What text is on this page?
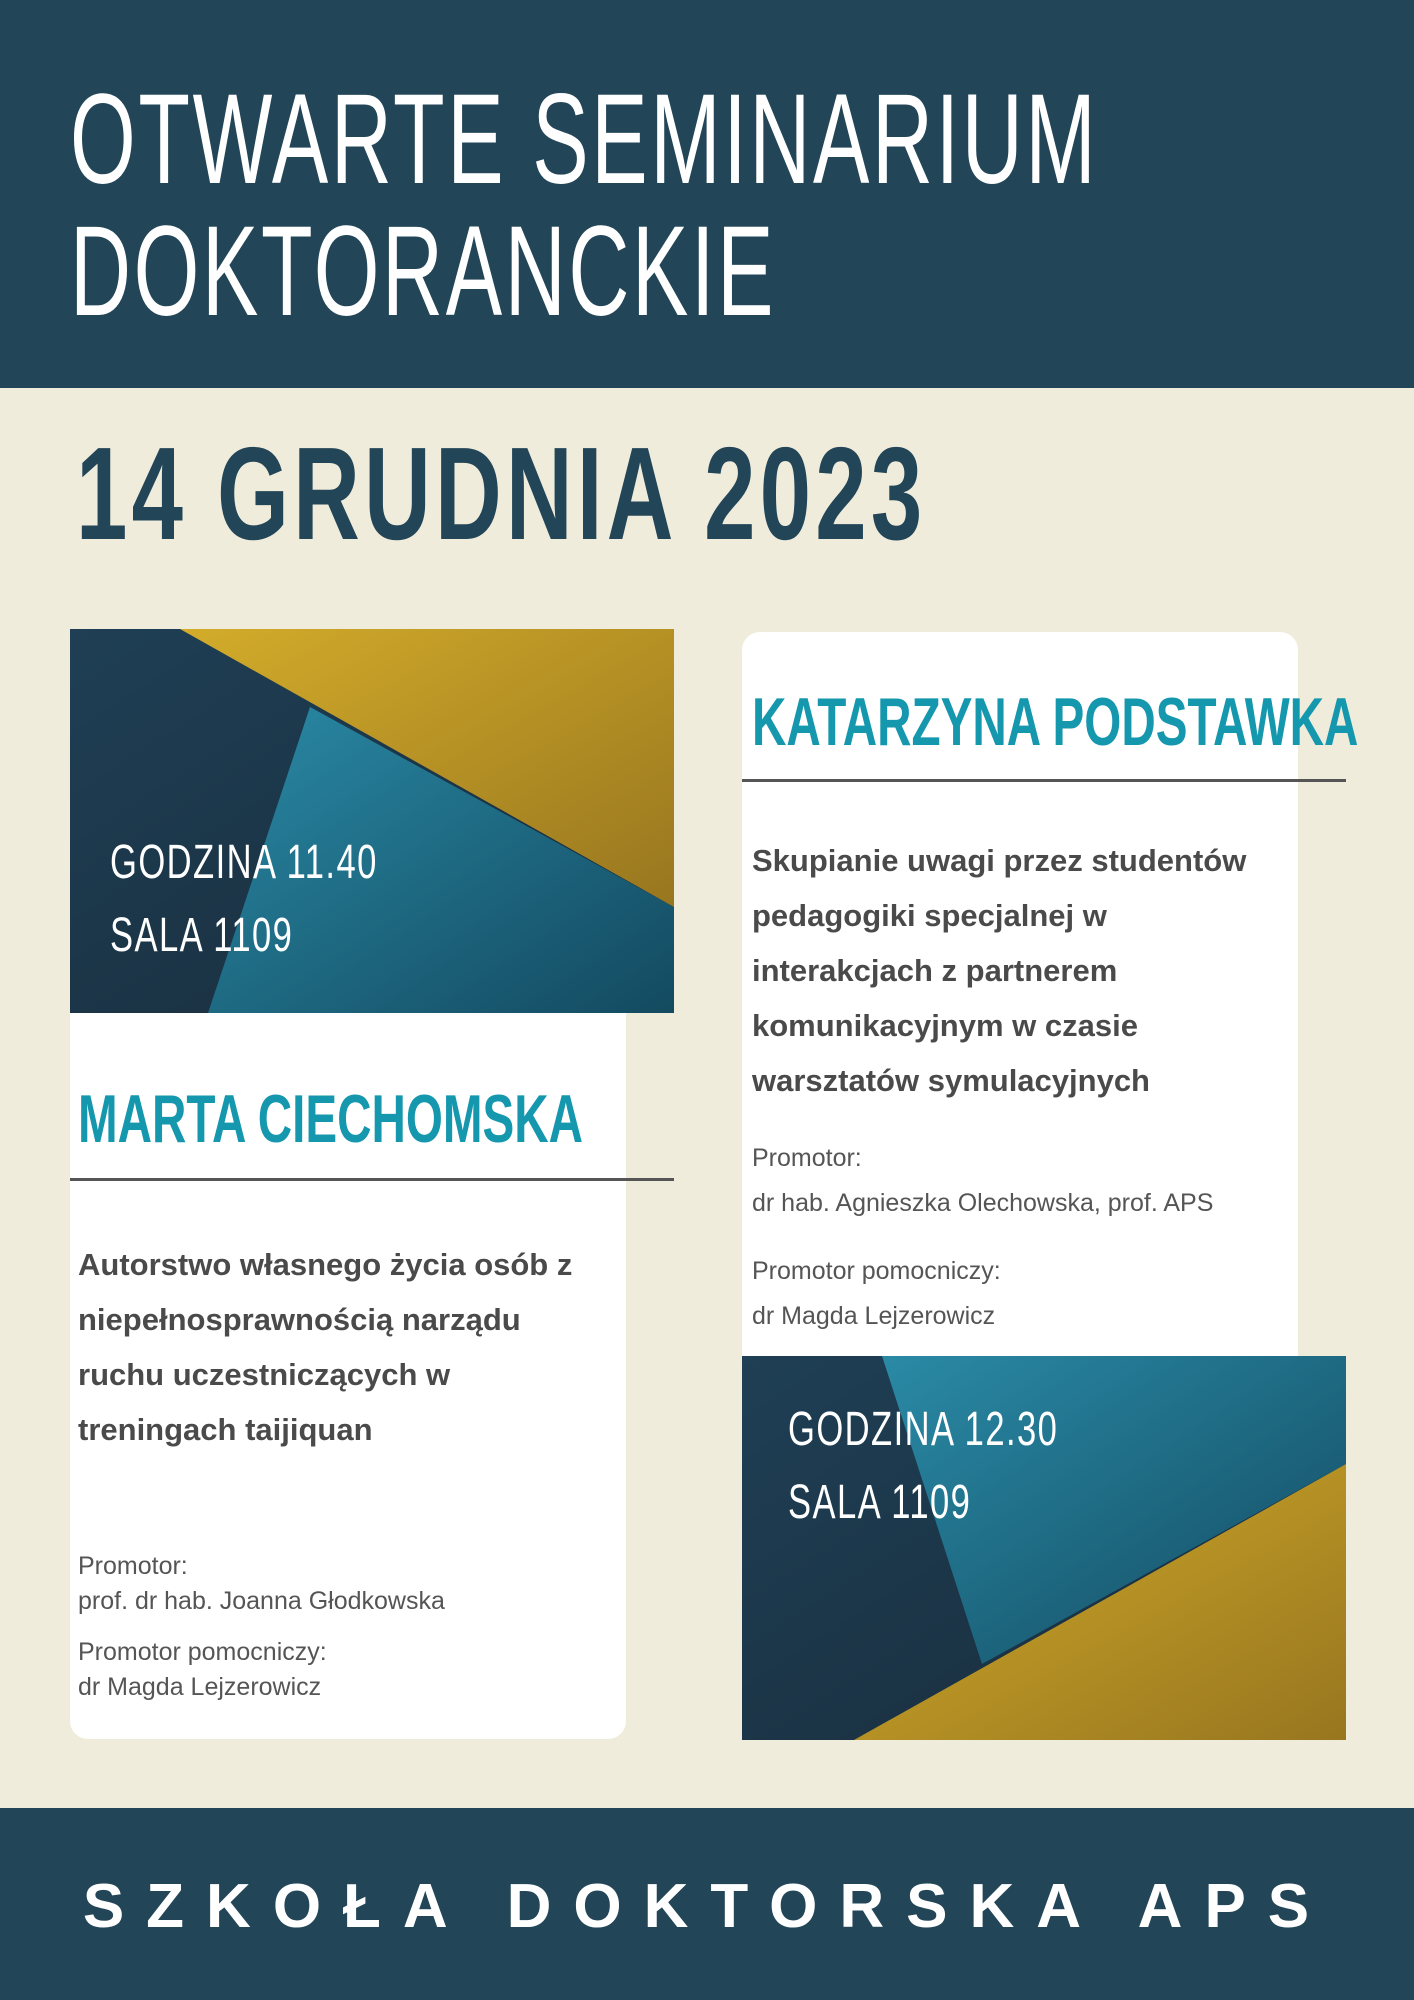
OTWARTE SEMINARIUM
DOKTORANCKIE
14 GRUDNIA 2023
GODZINA 11.40
SALA 1109
MARTA CIECHOMSKA
Autorstwo własnego życia osób z
niepełnosprawnością narządu
ruchu uczestniczących w
treningach taijiquan
Promotor:
prof. dr hab. Joanna Głodkowska
Promotor pomocniczy:
dr Magda Lejzerowicz
KATARZYNA PODSTAWKA
Skupianie uwagi przez studentów
pedagogiki specjalnej w
interakcjach z partnerem
komunikacyjnym w czasie
warsztatów symulacyjnych
Promotor:
dr hab. Agnieszka Olechowska, prof. APS
Promotor pomocniczy:
dr Magda Lejzerowicz
GODZINA 12.30
SALA 1109
SZKOŁA DOKTORSKA APS
